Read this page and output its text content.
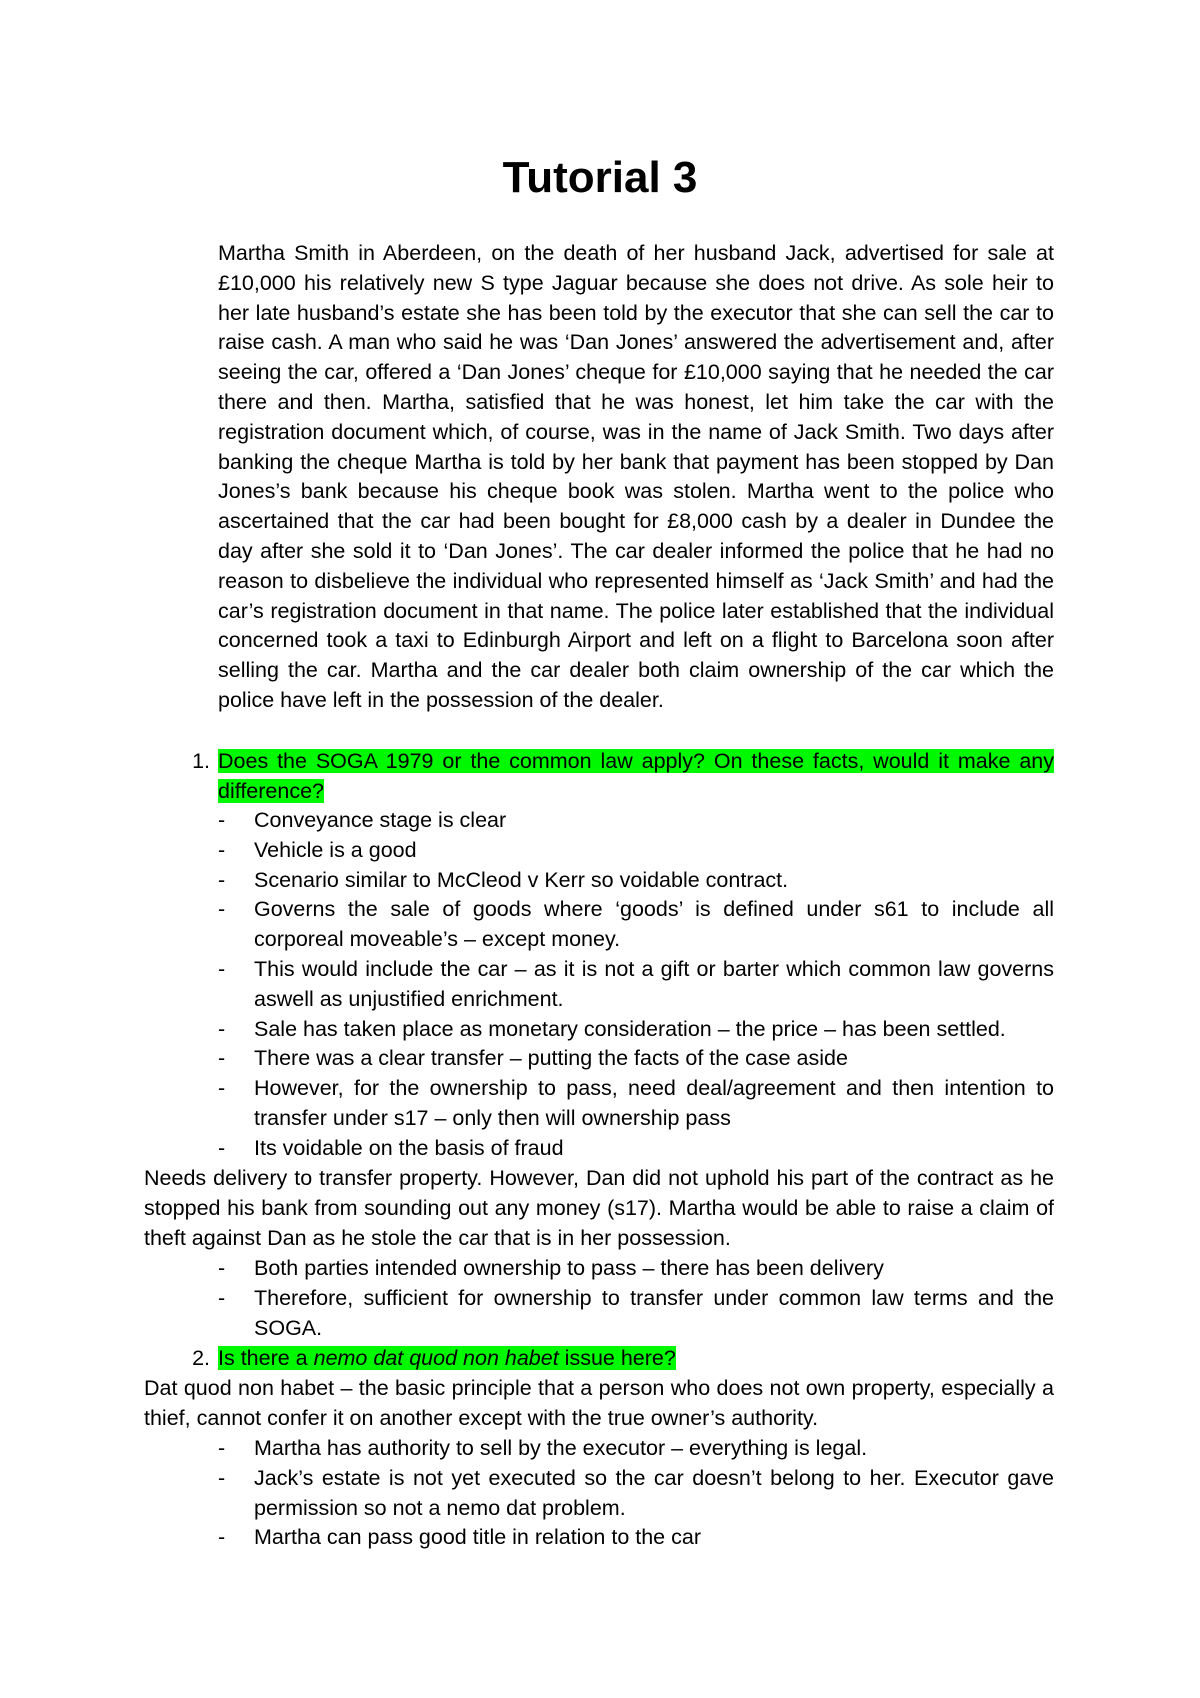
Tutorial 3

Martha Smith in Aberdeen, on the death of her husband Jack, advertised for sale at £10,000 his relatively new S type Jaguar because she does not drive. As sole heir to her late husband’s estate she has been told by the executor that she can sell the car to raise cash. A man who said he was ‘Dan Jones’ answered the advertisement and, after seeing the car, offered a ‘Dan Jones’ cheque for £10,000 saying that he needed the car there and then. Martha, satisfied that he was honest, let him take the car with the registration document which, of course, was in the name of Jack Smith. Two days after banking the cheque Martha is told by her bank that payment has been stopped by Dan Jones’s bank because his cheque book was stolen. Martha went to the police who ascertained that the car had been bought for £8,000 cash by a dealer in Dundee the day after she sold it to ‘Dan Jones’. The car dealer informed the police that he had no reason to disbelieve the individual who represented himself as ‘Jack Smith’ and had the car’s registration document in that name. The police later established that the individual concerned took a taxi to Edinburgh Airport and left on a flight to Barcelona soon after selling the car. Martha and the car dealer both claim ownership of the car which the police have left in the possession of the dealer.

1. Does the SOGA 1979 or the common law apply? On these facts, would it make any difference?

-	Conveyance stage is clear
-	Vehicle is a good
-	Scenario similar to McCleod v Kerr so voidable contract.
-	Governs the sale of goods where ‘goods’ is defined under s61 to include all corporeal moveable’s – except money.
-	This would include the car – as it is not a gift or barter which common law governs aswell as unjustified enrichment.
-	Sale has taken place as monetary consideration – the price – has been settled.
-	There was a clear transfer – putting the facts of the case aside
-	However, for the ownership to pass, need deal/agreement and then intention to transfer under s17 – only then will ownership pass
-	Its voidable on the basis of fraud

Needs delivery to transfer property. However, Dan did not uphold his part of the contract as he stopped his bank from sounding out any money (s17). Martha would be able to raise a claim of theft against Dan as he stole the car that is in her possession.

-	Both parties intended ownership to pass – there has been delivery
-	Therefore, sufficient for ownership to transfer under common law terms and the SOGA.

2. Is there a nemo dat quod non habet issue here?

Dat quod non habet – the basic principle that a person who does not own property, especially a thief, cannot confer it on another except with the true owner’s authority.

-	Martha has authority to sell by the executor – everything is legal.
-	Jack’s estate is not yet executed so the car doesn’t belong to her. Executor gave permission so not a nemo dat problem.
-	Martha can pass good title in relation to the car
